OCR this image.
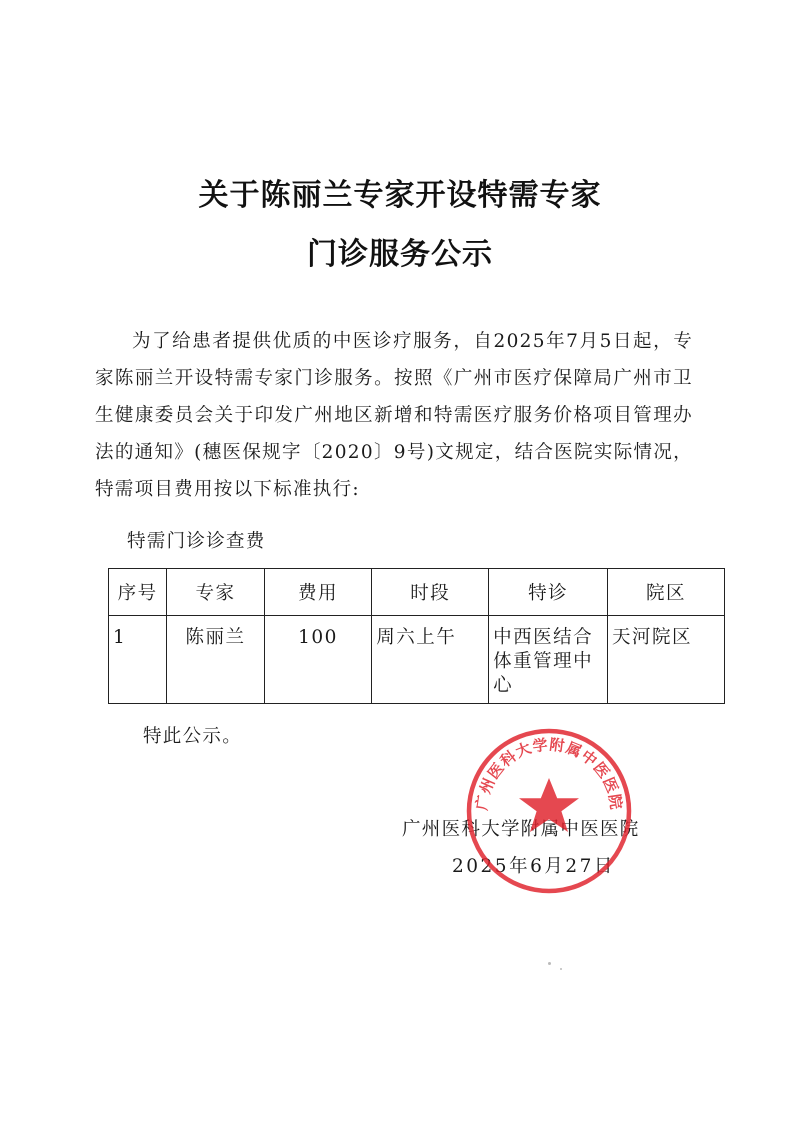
关于陈丽兰专家开设特需专家
门诊服务公示

为了给患者提供优质的中医诊疗服务，自2025年7月5日起，专家陈丽兰开设特需专家门诊服务。按照《广州市医疗保障局广州市卫生健康委员会关于印发广州地区新增和特需医疗服务价格项目管理办法的通知》(穗医保规字〔2020〕9号)文规定，结合医院实际情况，特需项目费用按以下标准执行:

特需门诊诊查费
序号	专家	费用	时段	特诊	院区
1	陈丽兰	100	周六上午	中西医结合体重管理中心	天河院区
特此公示。
广州医科大学附属中医医院
2025年6月27日
广州医科大学附属中医医院
